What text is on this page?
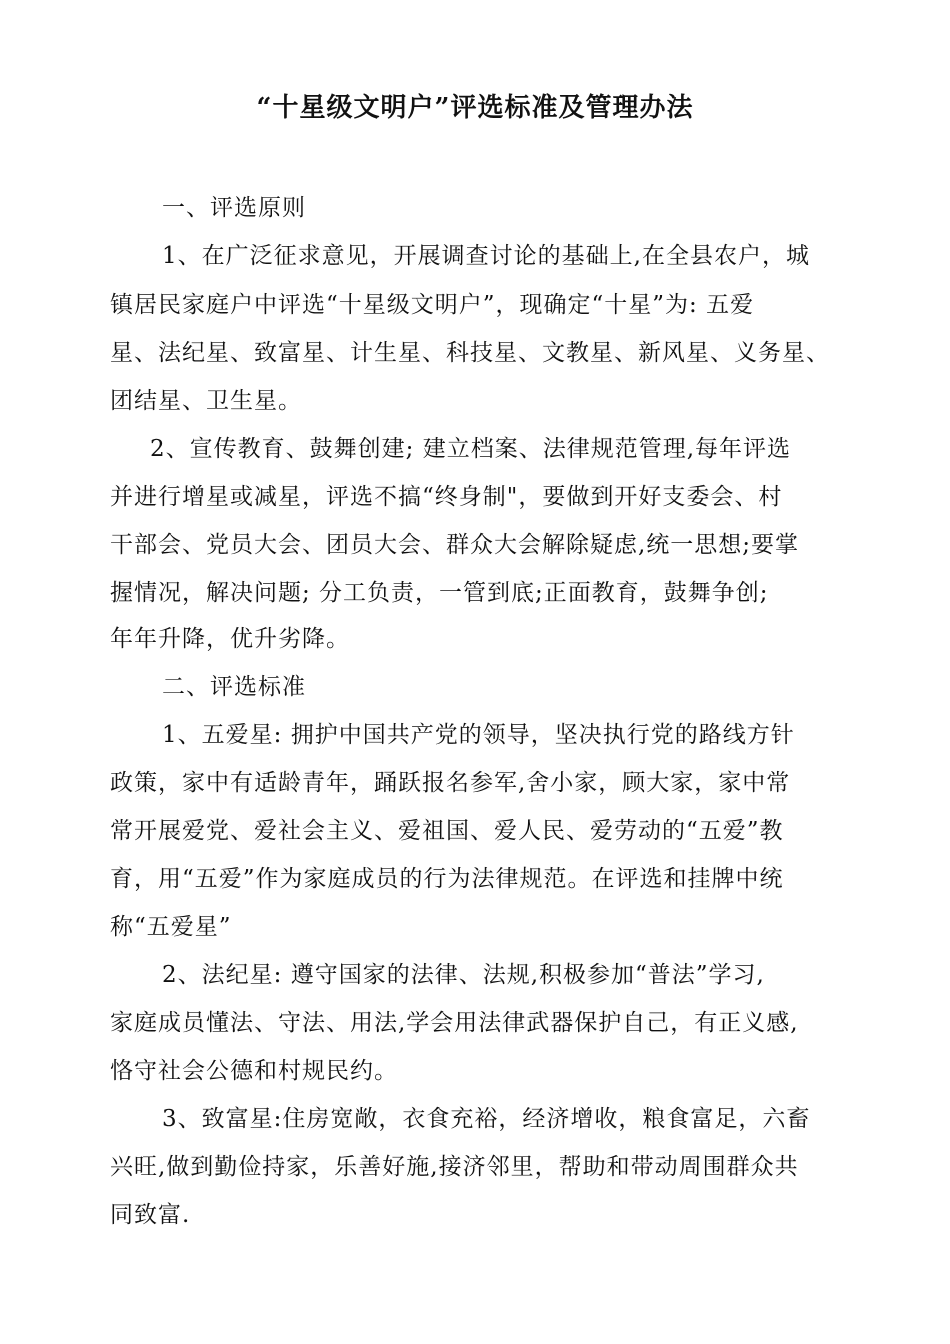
“十星级文明户”评选标准及管理办法
一、评选原则
1、在广泛征求意见，开展调查讨论的基础上,在全县农户，城
镇居民家庭户中评选“十星级文明户”，现确定“十星”为: 五爱
星、法纪星、致富星、计生星、科技星、文教星、新风星、义务星、
团结星、卫生星。
2、宣传教育、鼓舞创建; 建立档案、法律规范管理,每年评选
并进行增星或减星，评选不搞“终身制"，要做到开好支委会、村
干部会、党员大会、团员大会、群众大会解除疑虑,统一思想;要掌
握情况，解决问题; 分工负责，一管到底;正面教育，鼓舞争创;
年年升降，优升劣降。
二、评选标准
1、五爱星: 拥护中国共产党的领导，坚决执行党的路线方针
政策，家中有适龄青年，踊跃报名参军,舍小家，顾大家，家中常
常开展爱党、爱社会主义、爱祖国、爱人民、爱劳动的“五爱”教
育，用“五爱”作为家庭成员的行为法律规范。在评选和挂牌中统
称“五爱星”
2、法纪星: 遵守国家的法律、法规,积极参加“普法”学习,
家庭成员懂法、守法、用法,学会用法律武器保护自己，有正义感,
恪守社会公德和村规民约。
3、致富星:住房宽敞，衣食充裕，经济增收，粮食富足，六畜
兴旺,做到勤俭持家，乐善好施,接济邻里，帮助和带动周围群众共
同致富.
